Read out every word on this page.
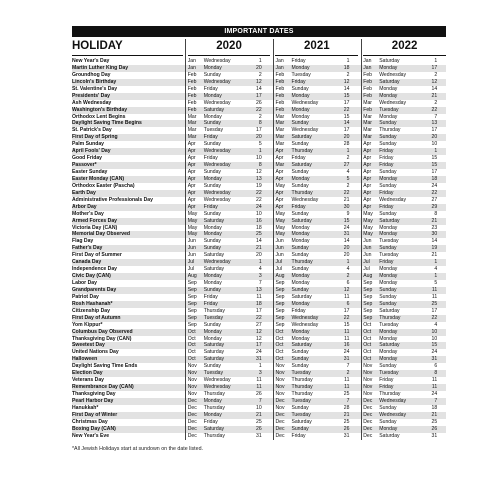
IMPORTANT DATES
HOLIDAY	2020	2021	2022
New Year's Day	Jan	Wednesday	1	Jan	Friday	1	Jan	Saturday	1
Martin Luther King Day	Jan	Monday	20	Jan	Monday	18	Jan	Monday	17
Groundhog Day	Feb	Sunday	2	Feb	Tuesday	2	Feb	Wednesday	2
Lincoln's Birthday	Feb	Wednesday	12	Feb	Friday	12	Feb	Saturday	12
St. Valentine's Day	Feb	Friday	14	Feb	Sunday	14	Feb	Monday	14
Presidents' Day	Feb	Monday	17	Feb	Monday	15	Feb	Monday	21
Ash Wednesday	Feb	Wednesday	26	Feb	Wednesday	17	Mar	Wednesday	2
Washington's Birthday	Feb	Saturday	22	Feb	Monday	22	Feb	Tuesday	22
Orthodox Lent Begins	Mar	Monday	2	Mar	Monday	15	Mar	Monday	7
Daylight Saving Time Begins	Mar	Sunday	8	Mar	Sunday	14	Mar	Sunday	13
St. Patrick's Day	Mar	Tuesday	17	Mar	Wednesday	17	Mar	Thursday	17
First Day of Spring	Mar	Friday	20	Mar	Saturday	20	Mar	Sunday	20
Palm Sunday	Apr	Sunday	5	Mar	Sunday	28	Apr	Sunday	10
April Fools' Day	Apr	Wednesday	1	Apr	Thursday	1	Apr	Friday	1
Good Friday	Apr	Friday	10	Apr	Friday	2	Apr	Friday	15
Passover*	Apr	Wednesday	8	Mar	Saturday	27	Apr	Friday	15
Easter Sunday	Apr	Sunday	12	Apr	Sunday	4	Apr	Sunday	17
Easter Monday (CAN)	Apr	Monday	13	Apr	Monday	5	Apr	Monday	18
Orthodox Easter (Pascha)	Apr	Sunday	19	May	Sunday	2	Apr	Sunday	24
Earth Day	Apr	Wednesday	22	Apr	Thursday	22	Apr	Friday	22
Administrative Professionals Day	Apr	Wednesday	22	Apr	Wednesday	21	Apr	Wednesday	27
Arbor Day	Apr	Friday	24	Apr	Friday	30	Apr	Friday	29
Mother's Day	May	Sunday	10	May	Sunday	9	May	Sunday	8
Armed Forces Day	May	Saturday	16	May	Saturday	15	May	Saturday	21
Victoria Day (CAN)	May	Monday	18	May	Monday	24	May	Monday	23
Memorial Day Observed	May	Monday	25	May	Monday	31	May	Monday	30
Flag Day	Jun	Sunday	14	Jun	Monday	14	Jun	Tuesday	14
Father's Day	Jun	Sunday	21	Jun	Sunday	20	Jun	Sunday	19
First Day of Summer	Jun	Saturday	20	Jun	Sunday	20	Jun	Tuesday	21
Canada Day	Jul	Wednesday	1	Jul	Thursday	1	Jul	Friday	1
Independence Day	Jul	Saturday	4	Jul	Sunday	4	Jul	Monday	4
Civic Day (CAN)	Aug	Monday	3	Aug	Monday	2	Aug	Monday	1
Labor Day	Sep	Monday	7	Sep	Monday	6	Sep	Monday	5
Grandparents Day	Sep	Sunday	13	Sep	Sunday	12	Sep	Sunday	11
Patriot Day	Sep	Friday	11	Sep	Saturday	11	Sep	Sunday	11
Rosh Hashanah*	Sep	Friday	18	Sep	Monday	6	Sep	Sunday	25
Citizenship Day	Sep	Thursday	17	Sep	Friday	17	Sep	Saturday	17
First Day of Autumn	Sep	Tuesday	22	Sep	Wednesday	22	Sep	Thursday	22
Yom Kippur*	Sep	Sunday	27	Sep	Wednesday	15	Oct	Tuesday	4
Columbus Day Observed	Oct	Monday	12	Oct	Monday	11	Oct	Monday	10
Thanksgiving Day (CAN)	Oct	Monday	12	Oct	Monday	11	Oct	Monday	10
Sweetest Day	Oct	Saturday	17	Oct	Saturday	16	Oct	Saturday	15
United Nations Day	Oct	Saturday	24	Oct	Sunday	24	Oct	Monday	24
Halloween	Oct	Saturday	31	Oct	Sunday	31	Oct	Monday	31
Daylight Saving Time Ends	Nov	Sunday	1	Nov	Sunday	7	Nov	Sunday	6
Election Day	Nov	Tuesday	3	Nov	Tuesday	2	Nov	Tuesday	8
Veterans Day	Nov	Wednesday	11	Nov	Thursday	11	Nov	Friday	11
Remembrance Day (CAN)	Nov	Wednesday	11	Nov	Thursday	11	Nov	Friday	11
Thanksgiving Day	Nov	Thursday	26	Nov	Thursday	25	Nov	Thursday	24
Pearl Harbor Day	Dec	Monday	7	Dec	Tuesday	7	Dec	Wednesday	7
Hanukkah*	Dec	Thursday	10	Nov	Sunday	28	Dec	Sunday	18
First Day of Winter	Dec	Monday	21	Dec	Tuesday	21	Dec	Wednesday	21
Christmas Day	Dec	Friday	25	Dec	Saturday	25	Dec	Sunday	25
Boxing Day (CAN)	Dec	Saturday	26	Dec	Sunday	26	Dec	Monday	26
New Year's Eve	Dec	Thursday	31	Dec	Friday	31	Dec	Saturday	31
*All Jewish Holidays start at sundown on the date listed.
